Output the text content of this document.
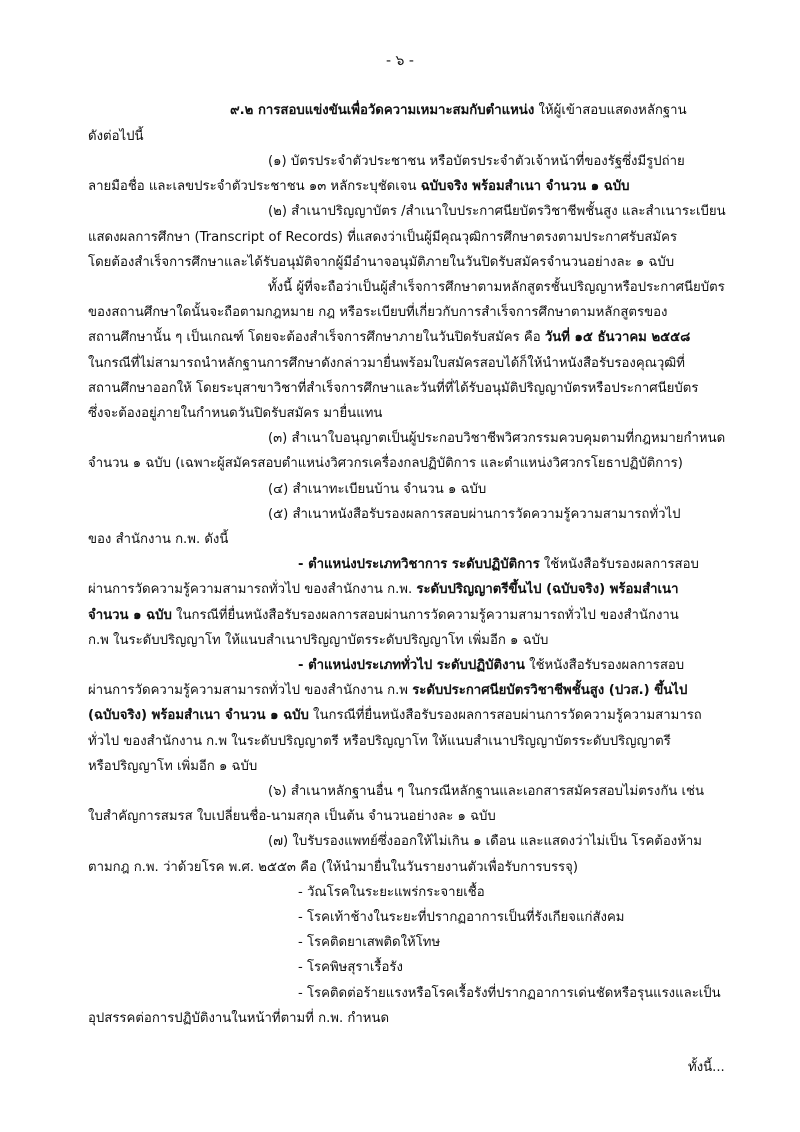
- ๖ -
๙.๒ การสอบแข่งขันเพื่อวัดความเหมาะสมกับตำแหน่ง ให้ผู้เข้าสอบแสดงหลักฐาน
ดังต่อไปนี้
(๑) บัตรประจำตัวประชาชน หรือบัตรประจำตัวเจ้าหน้าที่ของรัฐซึ่งมีรูปถ่าย
ลายมือชื่อ และเลขประจำตัวประชาชน ๑๓ หลักระบุชัดเจน ฉบับจริง พร้อมสำเนา จำนวน ๑ ฉบับ
(๒) สำเนาปริญญาบัตร /สำเนาใบประกาศนียบัตรวิชาชีพชั้นสูง และสำเนาระเบียน
แสดงผลการศึกษา (Transcript of Records) ที่แสดงว่าเป็นผู้มีคุณวุฒิการศึกษาตรงตามประกาศรับสมัคร
โดยต้องสำเร็จการศึกษาและได้รับอนุมัติจากผู้มีอำนาจอนุมัติภายในวันปิดรับสมัครจำนวนอย่างละ ๑ ฉบับ
ทั้งนี้ ผู้ที่จะถือว่าเป็นผู้สำเร็จการศึกษาตามหลักสูตรชั้นปริญญาหรือประกาศนียบัตร
ของสถานศึกษาใดนั้นจะถือตามกฎหมาย กฎ หรือระเบียบที่เกี่ยวกับการสำเร็จการศึกษาตามหลักสูตรของ
สถานศึกษานั้น ๆ เป็นเกณฑ์ โดยจะต้องสำเร็จการศึกษาภายในวันปิดรับสมัคร คือ วันที่ ๑๕ ธันวาคม ๒๕๕๘
ในกรณีที่ไม่สามารถนำหลักฐานการศึกษาดังกล่าวมายื่นพร้อมใบสมัครสอบได้ก็ให้นำหนังสือรับรองคุณวุฒิที่
สถานศึกษาออกให้ โดยระบุสาขาวิชาที่สำเร็จการศึกษาและวันที่ที่ได้รับอนุมัติปริญญาบัตรหรือประกาศนียบัตร
ซึ่งจะต้องอยู่ภายในกำหนดวันปิดรับสมัคร มายื่นแทน
(๓) สำเนาใบอนุญาตเป็นผู้ประกอบวิชาชีพวิศวกรรมควบคุมตามที่กฎหมายกำหนด
จำนวน ๑ ฉบับ (เฉพาะผู้สมัครสอบตำแหน่งวิศวกรเครื่องกลปฏิบัติการ และตำแหน่งวิศวกรโยธาปฏิบัติการ)
(๔) สำเนาทะเบียนบ้าน จำนวน ๑ ฉบับ
(๕) สำเนาหนังสือรับรองผลการสอบผ่านการวัดความรู้ความสามารถทั่วไป
ของ สำนักงาน ก.พ. ดังนี้
- ตำแหน่งประเภทวิชาการ ระดับปฏิบัติการ ใช้หนังสือรับรองผลการสอบ
ผ่านการวัดความรู้ความสามารถทั่วไป ของสำนักงาน ก.พ. ระดับปริญญาตรีขึ้นไป (ฉบับจริง) พร้อมสำเนา
จำนวน ๑ ฉบับ ในกรณีที่ยื่นหนังสือรับรองผลการสอบผ่านการวัดความรู้ความสามารถทั่วไป ของสำนักงาน
ก.พ ในระดับปริญญาโท ให้แนบสำเนาปริญญาบัตรระดับปริญญาโท เพิ่มอีก ๑ ฉบับ
- ตำแหน่งประเภททั่วไป ระดับปฏิบัติงาน ใช้หนังสือรับรองผลการสอบ
ผ่านการวัดความรู้ความสามารถทั่วไป ของสำนักงาน ก.พ ระดับประกาศนียบัตรวิชาชีพชั้นสูง (ปวส.) ขึ้นไป
(ฉบับจริง) พร้อมสำเนา จำนวน ๑ ฉบับ ในกรณีที่ยื่นหนังสือรับรองผลการสอบผ่านการวัดความรู้ความสามารถ
ทั่วไป ของสำนักงาน ก.พ ในระดับปริญญาตรี หรือปริญญาโท ให้แนบสำเนาปริญญาบัตรระดับปริญญาตรี
หรือปริญญาโท เพิ่มอีก ๑ ฉบับ
(๖) สำเนาหลักฐานอื่น ๆ ในกรณีหลักฐานและเอกสารสมัครสอบไม่ตรงกัน เช่น
ใบสำคัญการสมรส ใบเปลี่ยนชื่อ-นามสกุล เป็นต้น จำนวนอย่างละ ๑ ฉบับ
(๗) ใบรับรองแพทย์ซึ่งออกให้ไม่เกิน ๑ เดือน และแสดงว่าไม่เป็น โรคต้องห้าม
ตามกฎ ก.พ. ว่าด้วยโรค พ.ศ. ๒๕๕๓ คือ (ให้นำมายื่นในวันรายงานตัวเพื่อรับการบรรจุ)
- วัณโรคในระยะแพร่กระจายเชื้อ
- โรคเท้าช้างในระยะที่ปรากฏอาการเป็นที่รังเกียจแก่สังคม
- โรคติดยาเสพติดให้โทษ
- โรคพิษสุราเรื้อรัง
- โรคติดต่อร้ายแรงหรือโรคเรื้อรังที่ปรากฏอาการเด่นชัดหรือรุนแรงและเป็น
อุปสรรคต่อการปฏิบัติงานในหน้าที่ตามที่ ก.พ. กำหนด
ทั้งนี้...
